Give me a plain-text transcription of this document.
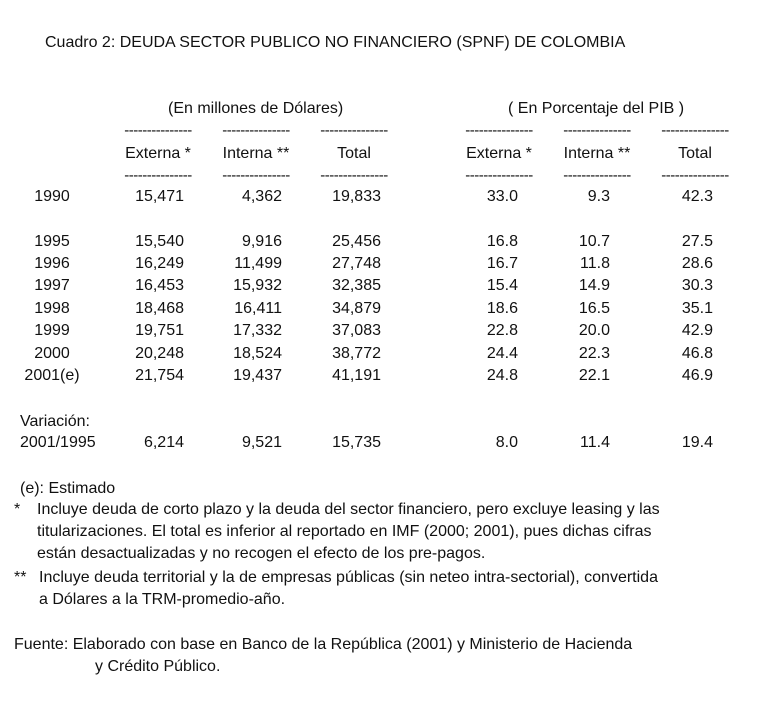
Cuadro 2: DEUDA SECTOR PUBLICO NO FINANCIERO (SPNF) DE COLOMBIA
(En millones de Dólares)	( En Porcentaje del PIB )
---------------	---------------	---------------	---------------	---------------	---------------
Externa *	Interna **	Total	Externa *	Interna **	Total
---------------	---------------	---------------	---------------	---------------	---------------
1990	15,471	4,362	19,833	33.0	9.3	42.3
1995	15,540	9,916	25,456	16.8	10.7	27.5
1996	16,249	11,499	27,748	16.7	11.8	28.6
1997	16,453	15,932	32,385	15.4	14.9	30.3
1998	18,468	16,411	34,879	18.6	16.5	35.1
1999	19,751	17,332	37,083	22.8	20.0	42.9
2000	20,248	18,524	38,772	24.4	22.3	46.8
2001(e)	21,754	19,437	41,191	24.8	22.1	46.9
Variación:
2001/1995	6,214	9,521	15,735	8.0	11.4	19.4
(e): Estimado
* Incluye deuda de corto plazo y la deuda del sector financiero, pero excluye leasing y las
titularizaciones. El total es inferior al reportado en IMF (2000; 2001), pues dichas cifras
están desactualizadas y no recogen el efecto de los pre-pagos.
** Incluye deuda territorial y la de empresas públicas (sin neteo intra-sectorial), convertida
a Dólares a la TRM-promedio-año.
Fuente: Elaborado con base en Banco de la República (2001) y Ministerio de Hacienda
y Crédito Público.
